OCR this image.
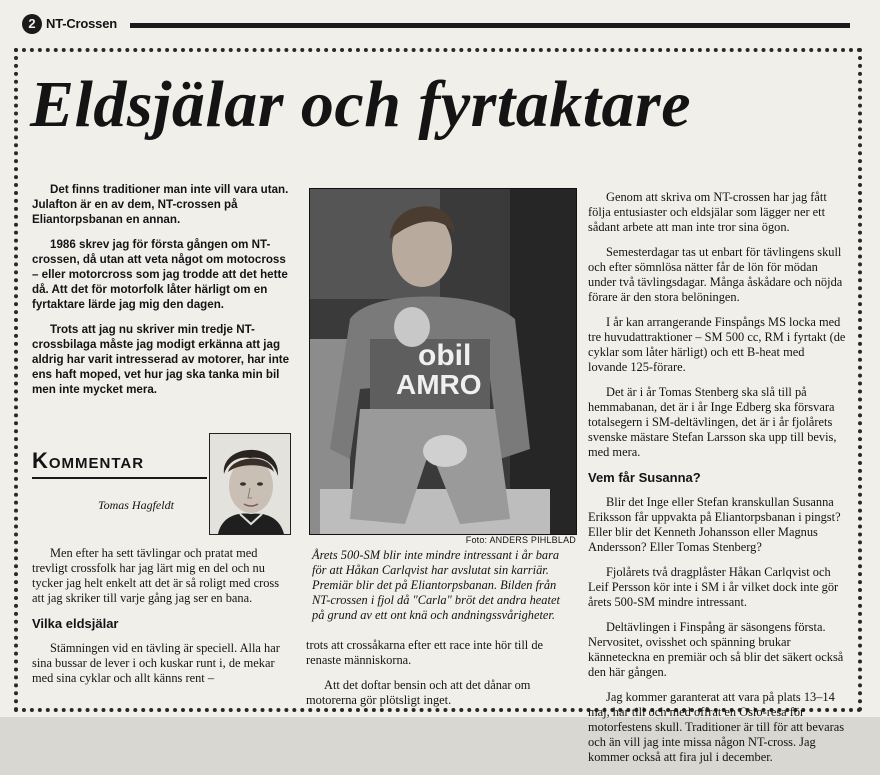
2 NT-Crossen
Eldsjälar och fyrtaktare

Det finns traditioner man inte vill vara utan. Julafton är en av dem, NT-crossen på Eliantorpsbanan en annan.

1986 skrev jag för första gången om NT-crossen, då utan att veta något om motocross – eller motorcross som jag trodde att det hette då. Att det för motorfolk låter härligt om en fyrtaktare lärde jag mig den dagen.

Trots att jag nu skriver min tredje NT-crossbilaga måste jag modigt erkänna att jag aldrig har varit intresserad av motorer, har inte ens haft moped, vet hur jag ska tanka min bil men inte mycket mera.

Kommentar
Tomas Hagfeldt

Men efter ha sett tävlingar och pratat med trevligt crossfolk har jag lärt mig en del och nu tycker jag helt enkelt att det är så roligt med cross att jag skriker till varje gång jag ser en bana.

Vilka eldsjälar

Stämningen vid en tävling är speciell. Alla har sina bussar de lever i och kuskar runt i, de mekar med sina cyklar och allt känns rent –

obil
AMRO
Foto: ANDERS PIHLBLAD
Årets 500-SM blir inte mindre intressant i år bara för att Håkan Carlqvist har avslutat sin karriär. Premiär blir det på Eliantorpsbanan. Bilden från NT-crossen i fjol då "Carla" bröt det andra heatet på grund av ett ont knä och andningssvårigheter.

trots att crossåkarna efter ett race inte hör till de renaste människorna.

Att det doftar bensin och att det dånar om motorerna gör plötsligt inget.

Genom att skriva om NT-crossen har jag fått följa entusiaster och eldsjälar som lägger ner ett sådant arbete att man inte tror sina ögon.

Semesterdagar tas ut enbart för tävlingens skull och efter sömnlösa nätter får de lön för mödan under två tävlingsdagar. Många åskådare och nöjda förare är den stora belöningen.

I år kan arrangerande Finspångs MS locka med tre huvudattraktioner – SM 500 cc, RM i fyrtakt (de cyklar som låter härligt) och ett B-heat med lovande 125-förare.

Det är i år Tomas Stenberg ska slå till på hemmabanan, det är i år Inge Edberg ska försvara totalsegern i SM-deltävlingen, det är i år fjolårets svenske mästare Stefan Larsson ska upp till bevis, med mera.

Vem får Susanna?

Blir det Inge eller Stefan kranskullan Susanna Eriksson får uppvakta på Eliantorpsbanan i pingst? Eller blir det Kenneth Johansson eller Magnus Andersson? Eller Tomas Stenberg?

Fjolårets två dragplåster Håkan Carlqvist och Leif Persson kör inte i SM i år vilket dock inte gör årets 500-SM mindre intressant.

Deltävlingen i Finspång är säsongens första. Nervositet, ovisshet och spänning brukar känneteckna en premiär och så blir det säkert också den här gången.

Jag kommer garanterat att vara på plats 13–14 maj, har till och med offrat en Oslo-resa för motorfestens skull. Traditioner är till för att bevaras och än vill jag inte missa någon NT-cross. Jag kommer också att fira jul i december.
